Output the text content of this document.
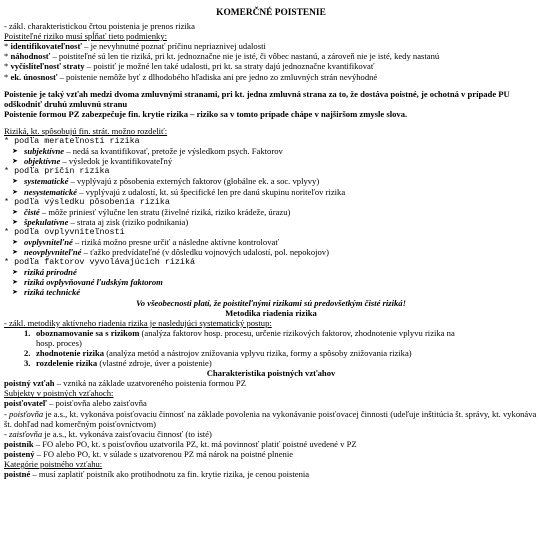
KOMERČNÉ POISTENIE
- zákl. charakteristickou črtou poistenia je prenos rizika
Poistiteľné riziko musí spĺňať tieto podmienky:
* identifikovateľnosť – je nevyhnutné poznať príčinu nepriaznivej udalosti
* náhodnosť – poistiteľné sú len tie riziká, pri kt. jednoznačne nie je isté, či vôbec nastanú, a zároveň nie je isté, kedy nastanú
* vyčísliteľnosť straty – poistiť je možné len také udalosti, pri kt. sa straty dajú jednoznačne kvantifikovať
* ek. únosnosť – poistenie nemôže byť z dlhodobého hľadiska ani pre jedno zo zmluvných strán nevýhodné
Poistenie je taký vzťah medzi dvoma zmluvnými stranami, pri kt. jedna zmluvná strana za to, že dostáva poistné, je ochotná v prípade PU odškodniť druhú zmluvnú stranu
Poistenie formou PZ zabezpečuje fin. krytie rizika – riziko sa v tomto prípade chápe v najširšom zmysle slova.
Riziká, kt. spôsobujú fin. strát. možno rozdeliť:
* podľa merateľnosti rizika
➤ subjektívne – nedá sa kvantifikovať, pretože je výsledkom psych. Faktorov
➤ objektívne – výsledok je kvantifikovateľný
* podľa príčin rizika
➤ systematické – vyplývajú z pôsobenia externých faktorov (globálne ek. a soc. vplyvy)
➤ nesystematické – vyplývajú z udalostí, kt. sú špecifické len pre danú skupinu noriteľov rizika
* podľa výsledku pôsobenia rizika
➤ čisté – môže priniesť výlučne len stratu (živelné riziká, riziko krádeže, úrazu)
➤ špekulatívne – strata aj zisk (riziko podnikania)
* podľa ovplyvniteľnosti
➤ ovplyvniteľné – riziká možno presne určiť a následne aktívne kontrolovať
➤ neovplyvniteľné – ťažko predvídateľné (v dôsledku vojnových udalostí, pol. nepokojov)
* podľa faktorov vyvolávajúcich riziká
➤ riziká prírodné
➤ riziká ovplyvňované ľudským faktorom
➤ riziká technické
Vo všeobecnosti platí, že poistiteľnými rizikami sú predovšetkým čisté riziká!
Metodika riadenia rizika
- zákl. metodiky aktívneho riadenia rizika je nasledujúci systematický postup:
1. oboznamovanie sa s rizikom (analýza faktorov hosp. procesu, určenie rizikových faktorov, zhodnotenie vplyvu rizika na
hosp. proces)
2. zhodnotenie rizika (analýza metód a nástrojov znižovania vplyvu rizika, formy a spôsoby znižovania rizika)
3. rozdelenie rizika (vlastné zdroje, úver a poistenie)
Charakteristika poistných vzťahov
poistný vzťah – vzniká na základe uzatvoreného poistenia formou PZ
Subjekty v poistných vzťahoch:
poisťovateľ – poisťovňa alebo zaisťovňa
- poisťovňa je a.s., kt. vykonáva poisťovaciu činnosť na základe povolenia na vykonávanie poisťovacej činnosti (udeľuje inštitúcia št. správy, kt. vykonáva št. dohľad nad komerčným poisťovníctvom)
- zaisťovňa je a.s., kt. vykonáva zaisťovaciu činnosť (to isté)
poistník – FO alebo PO, kt. s poisťovňou uzatvorila PZ, kt. má povinnosť platiť poistné uvedené v PZ
poistený – FO alebo PO, kt. v súlade s uzatvorenou PZ má nárok na poistné plnenie
Kategórie poistného vzťahu:
poistné – musí zaplatiť poistník ako protihodnotu za fin. krytie rizika, je cenou poistenia
